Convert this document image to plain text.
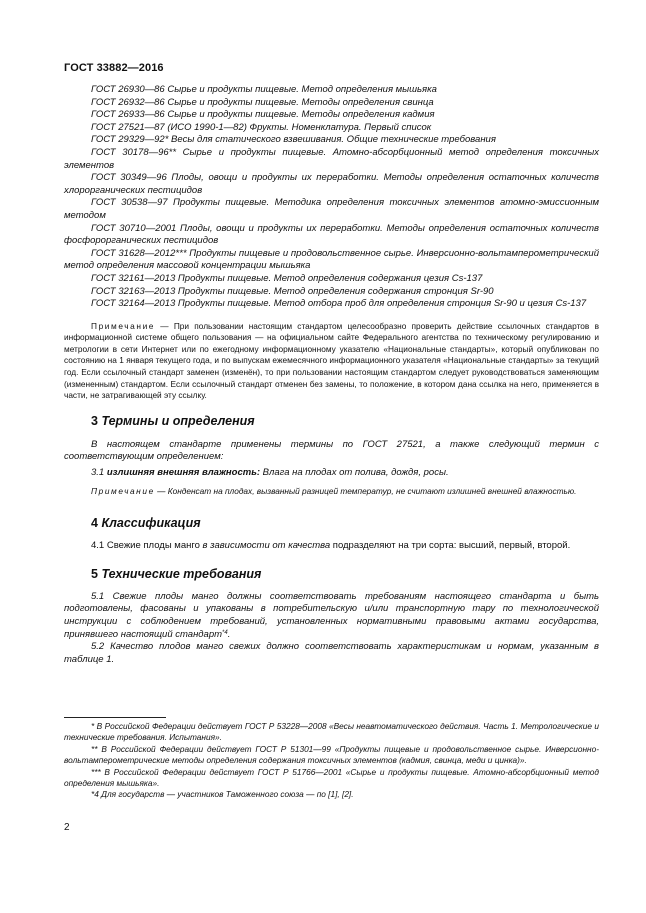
ГОСТ 33882—2016

ГОСТ 26930—86 Сырье и продукты пищевые. Метод определения мышьяка

ГОСТ 26932—86 Сырье и продукты пищевые. Методы определения свинца

ГОСТ 26933—86 Сырье и продукты пищевые. Методы определения кадмия

ГОСТ 27521—87 (ИСО 1990-1—82) Фрукты. Номенклатура. Первый список

ГОСТ 29329—92* Весы для статического взвешивания. Общие технические требования

ГОСТ 30178—96** Сырье и продукты пищевые. Атомно-абсорбционный метод определения токсичных элементов

ГОСТ 30349—96 Плоды, овощи и продукты их переработки. Методы определения остаточных количеств хлорорганических пестицидов

ГОСТ 30538—97 Продукты пищевые. Методика определения токсичных элементов атомно-эмиссионным методом

ГОСТ 30710—2001 Плоды, овощи и продукты их переработки. Методы определения остаточных количеств фосфорорганических пестицидов

ГОСТ 31628—2012*** Продукты пищевые и продовольственное сырье. Инверсионно-вольтамперометрический метод определения массовой концентрации мышьяка

ГОСТ 32161—2013 Продукты пищевые. Метод определения содержания цезия Cs-137

ГОСТ 32163—2013 Продукты пищевые. Метод определения содержания стронция Sr-90

ГОСТ 32164—2013 Продукты пищевые. Метод отбора проб для определения стронция Sr-90 и цезия Cs-137

Примечание — При пользовании настоящим стандартом целесообразно проверить действие ссылочных стандартов в информационной системе общего пользования — на официальном сайте Федерального агентства по техническому регулированию и метрологии в сети Интернет или по ежегодному информационному указателю «Национальные стандарты», который опубликован по состоянию на 1 января текущего года, и по выпускам ежемесячного информационного указателя «Национальные стандарты» за текущий год. Если ссылочный стандарт заменен (изменён), то при пользовании настоящим стандартом следует руководствоваться заменяющим (измененным) стандартом. Если ссылочный стандарт отменен без замены, то положение, в котором дана ссылка на него, применяется в части, не затрагивающей эту ссылку.

3 Термины и определения

В настоящем стандарте применены термины по ГОСТ 27521, а также следующий термин с соответствующим определением:

3.1 излишняя внешняя влажность: Влага на плодах от полива, дождя, росы.

Примечание — Конденсат на плодах, вызванный разницей температур, не считают излишней внешней влажностью.

4 Классификация

4.1 Свежие плоды манго в зависимости от качества подразделяют на три сорта: высший, первый, второй.

5 Технические требования

5.1 Свежие плоды манго должны соответствовать требованиям настоящего стандарта и быть подготовлены, фасованы и упакованы в потребительскую и/или транспортную тару по технологической инструкции с соблюдением требований, установленных нормативными правовыми актами государства, принявшего настоящий стандарт$^{*4}$.

5.2 Качество плодов манго свежих должно соответствовать характеристикам и нормам, указанным в таблице 1.

* В Российской Федерации действует ГОСТ Р 53228—2008 «Весы неавтоматического действия. Часть 1. Метрологические и технические требования. Испытания».

** В Российской Федерации действует ГОСТ Р 51301—99 «Продукты пищевые и продовольственное сырье. Инверсионно-вольтамперометрические методы определения содержания токсичных элементов (кадмия, свинца, меди и цинка)».

*** В Российской Федерации действует ГОСТ Р 51766—2001 «Сырье и продукты пищевые. Атомно-абсорбционный метод определения мышьяка».

*4 Для государств — участников Таможенного союза — по [1], [2].

2
